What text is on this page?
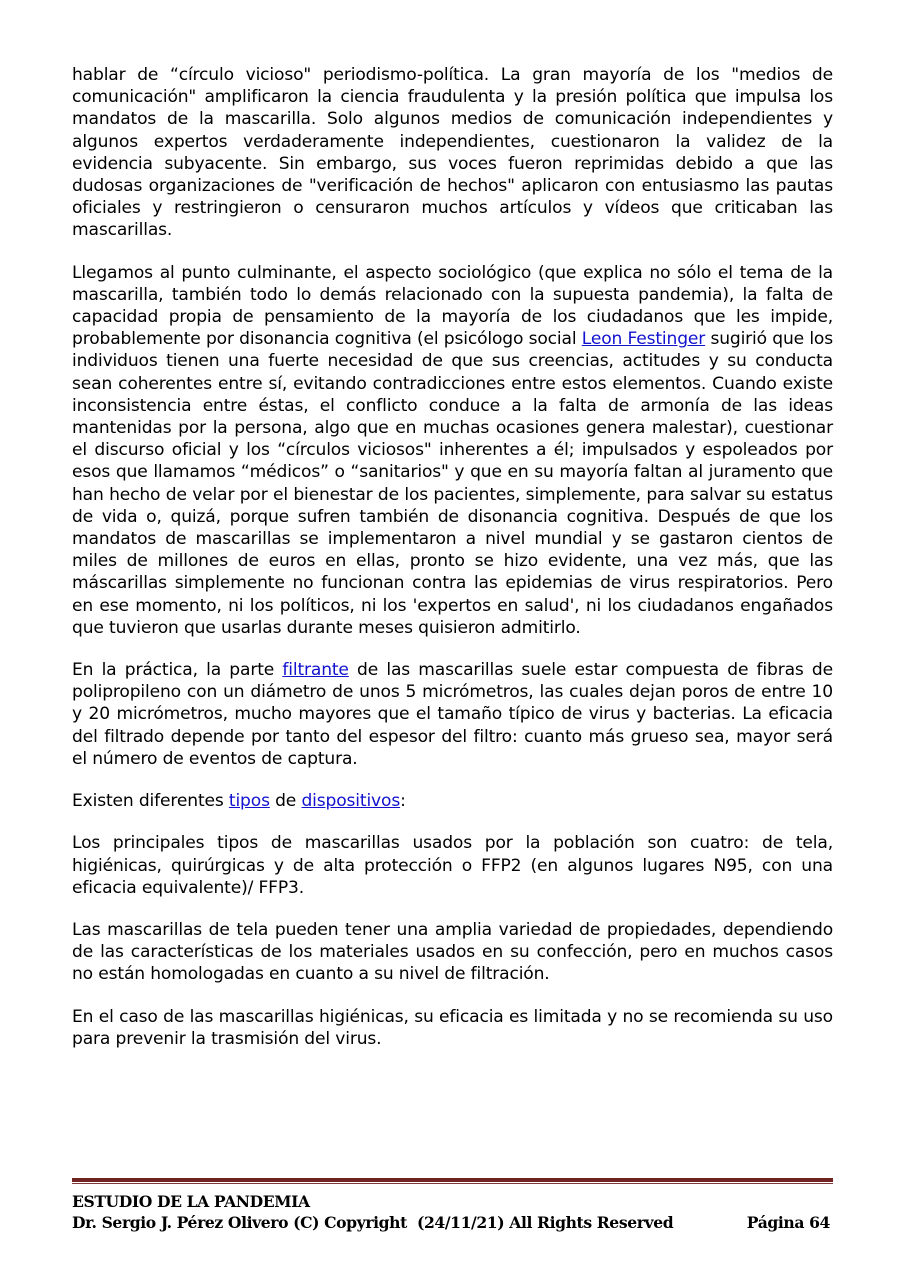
hablar de “círculo vicioso" periodismo-política. La gran mayoría de los "medios de comunicación" amplificaron la ciencia fraudulenta y la presión política que impulsa los mandatos de la mascarilla. Solo algunos medios de comunicación independientes y algunos expertos verdaderamente independientes, cuestionaron la validez de la evidencia subyacente. Sin embargo, sus voces fueron reprimidas debido a que las dudosas organizaciones de "verificación de hechos" aplicaron con entusiasmo las pautas oficiales y restringieron o censuraron muchos artículos y vídeos que criticaban las mascarillas.

Llegamos al punto culminante, el aspecto sociológico (que explica no sólo el tema de la mascarilla, también todo lo demás relacionado con la supuesta pandemia), la falta de capacidad propia de pensamiento de la mayoría de los ciudadanos que les impide, probablemente por disonancia cognitiva (el psicólogo social Leon Festinger sugirió que los individuos tienen una fuerte necesidad de que sus creencias, actitudes y su conducta sean coherentes entre sí, evitando contradicciones entre estos elementos. Cuando existe inconsistencia entre éstas, el conflicto conduce a la falta de armonía de las ideas mantenidas por la persona, algo que en muchas ocasiones genera malestar), cuestionar el discurso oficial y los “círculos viciosos" inherentes a él; impulsados y espoleados por esos que llamamos “médicos” o “sanitarios" y que en su mayoría faltan al juramento que han hecho de velar por el bienestar de los pacientes, simplemente, para salvar su estatus de vida o, quizá, porque sufren también de disonancia cognitiva. Después de que los mandatos de mascarillas se implementaron a nivel mundial y se gastaron cientos de miles de millones de euros en ellas, pronto se hizo evidente, una vez más, que las máscarillas simplemente no funcionan contra las epidemias de virus respiratorios. Pero en ese momento, ni los políticos, ni los 'expertos en salud', ni los ciudadanos engañados que tuvieron que usarlas durante meses quisieron admitirlo.

En la práctica, la parte filtrante de las mascarillas suele estar compuesta de fibras de polipropileno con un diámetro de unos 5 micrómetros, las cuales dejan poros de entre 10 y 20 micrómetros, mucho mayores que el tamaño típico de virus y bacterias. La eficacia del filtrado depende por tanto del espesor del filtro: cuanto más grueso sea, mayor será el número de eventos de captura.

Existen diferentes tipos de dispositivos:

Los principales tipos de mascarillas usados por la población son cuatro: de tela, higiénicas, quirúrgicas y de alta protección o FFP2 (en algunos lugares N95, con una eficacia equivalente)/ FFP3.

Las mascarillas de tela pueden tener una amplia variedad de propiedades, dependiendo de las características de los materiales usados en su confección, pero en muchos casos no están homologadas en cuanto a su nivel de filtración.

En el caso de las mascarillas higiénicas, su eficacia es limitada y no se recomienda su uso para prevenir la trasmisión del virus.

ESTUDIO DE LA PANDEMIA
Dr. Sergio J. Pérez Olivero (C) Copyright  (24/11/21) All Rights Reserved	Página 64
